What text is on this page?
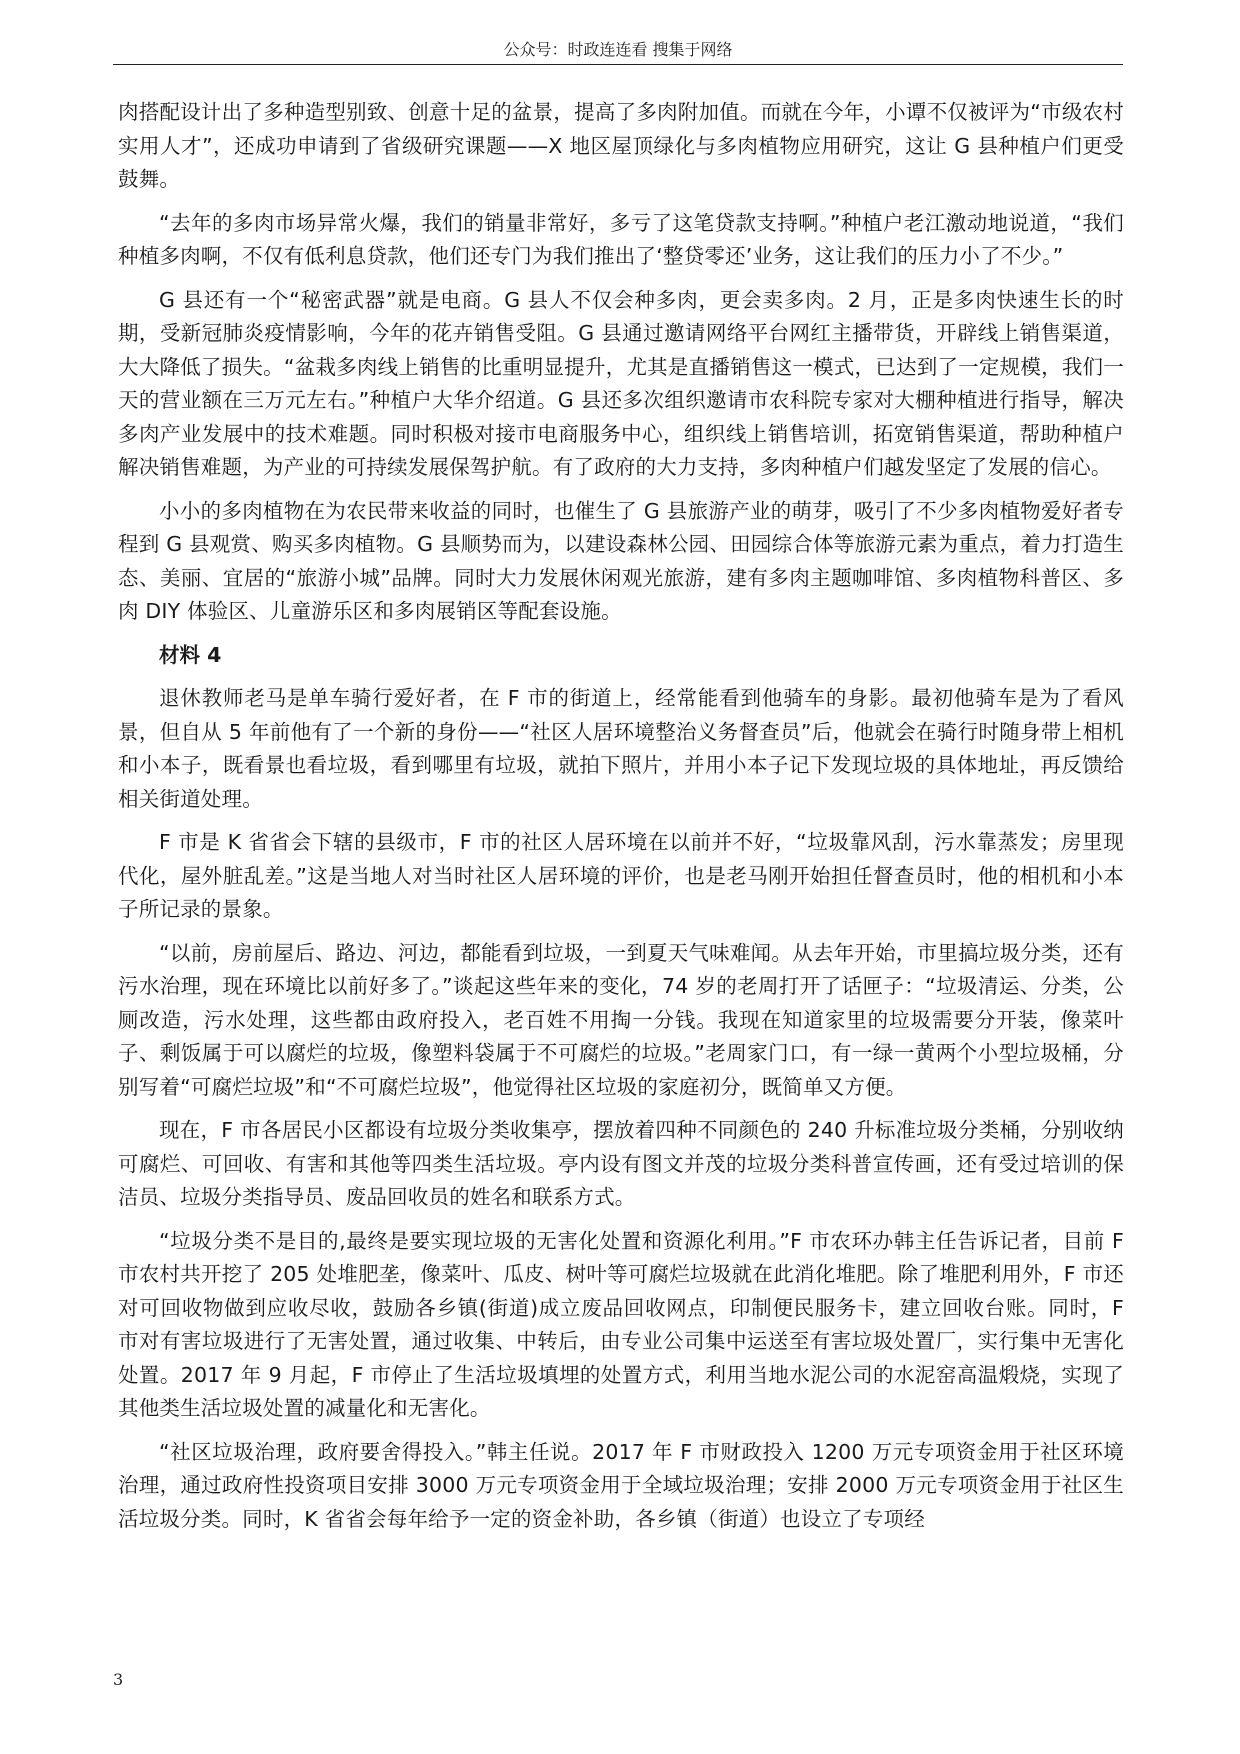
公众号：时政连连看 搜集于网络

肉搭配设计出了多种造型别致、创意十足的盆景，提高了多肉附加值。而就在今年，小谭不仅被评为“市级农村实用人才”，还成功申请到了省级研究课题——X 地区屋顶绿化与多肉植物应用研究，这让 G 县种植户们更受鼓舞。

“去年的多肉市场异常火爆，我们的销量非常好，多亏了这笔贷款支持啊。”种植户老江激动地说道，“我们种植多肉啊，不仅有低利息贷款，他们还专门为我们推出了‘整贷零还’业务，这让我们的压力小了不少。”

G 县还有一个“秘密武器”就是电商。G 县人不仅会种多肉，更会卖多肉。2 月，正是多肉快速生长的时期，受新冠肺炎疫情影响，今年的花卉销售受阻。G 县通过邀请网络平台网红主播带货，开辟线上销售渠道，大大降低了损失。“盆栽多肉线上销售的比重明显提升，尤其是直播销售这一模式，已达到了一定规模，我们一天的营业额在三万元左右。”种植户大华介绍道。G 县还多次组织邀请市农科院专家对大棚种植进行指导，解决多肉产业发展中的技术难题。同时积极对接市电商服务中心，组织线上销售培训，拓宽销售渠道，帮助种植户解决销售难题，为产业的可持续发展保驾护航。有了政府的大力支持，多肉种植户们越发坚定了发展的信心。

小小的多肉植物在为农民带来收益的同时，也催生了 G 县旅游产业的萌芽，吸引了不少多肉植物爱好者专程到 G 县观赏、购买多肉植物。G 县顺势而为，以建设森林公园、田园综合体等旅游元素为重点，着力打造生态、美丽、宜居的“旅游小城”品牌。同时大力发展休闲观光旅游，建有多肉主题咖啡馆、多肉植物科普区、多肉 DIY 体验区、儿童游乐区和多肉展销区等配套设施。

材料 4

退休教师老马是单车骑行爱好者，在 F 市的街道上，经常能看到他骑车的身影。最初他骑车是为了看风景，但自从 5 年前他有了一个新的身份——“社区人居环境整治义务督查员”后，他就会在骑行时随身带上相机和小本子，既看景也看垃圾，看到哪里有垃圾，就拍下照片，并用小本子记下发现垃圾的具体地址，再反馈给相关街道处理。

F 市是 K 省省会下辖的县级市，F 市的社区人居环境在以前并不好，“垃圾靠风刮，污水靠蒸发；房里现代化，屋外脏乱差。”这是当地人对当时社区人居环境的评价，也是老马刚开始担任督查员时，他的相机和小本子所记录的景象。

“以前，房前屋后、路边、河边，都能看到垃圾，一到夏天气味难闻。从去年开始，市里搞垃圾分类，还有污水治理，现在环境比以前好多了。”谈起这些年来的变化，74 岁的老周打开了话匣子：“垃圾清运、分类，公厕改造，污水处理，这些都由政府投入，老百姓不用掏一分钱。我现在知道家里的垃圾需要分开装，像菜叶子、剩饭属于可以腐烂的垃圾，像塑料袋属于不可腐烂的垃圾。”老周家门口，有一绿一黄两个小型垃圾桶，分别写着“可腐烂垃圾”和“不可腐烂垃圾”，他觉得社区垃圾的家庭初分，既简单又方便。

现在，F 市各居民小区都设有垃圾分类收集亭，摆放着四种不同颜色的 240 升标准垃圾分类桶，分别收纳可腐烂、可回收、有害和其他等四类生活垃圾。亭内设有图文并茂的垃圾分类科普宣传画，还有受过培训的保洁员、垃圾分类指导员、废品回收员的姓名和联系方式。

“垃圾分类不是目的,最终是要实现垃圾的无害化处置和资源化利用。”F 市农环办韩主任告诉记者，目前 F 市农村共开挖了 205 处堆肥垄，像菜叶、瓜皮、树叶等可腐烂垃圾就在此消化堆肥。除了堆肥利用外，F 市还对可回收物做到应收尽收，鼓励各乡镇(街道)成立废品回收网点，印制便民服务卡，建立回收台账。同时，F 市对有害垃圾进行了无害处置，通过收集、中转后，由专业公司集中运送至有害垃圾处置厂，实行集中无害化处置。2017 年 9 月起，F 市停止了生活垃圾填埋的处置方式，利用当地水泥公司的水泥窑高温煅烧，实现了其他类生活垃圾处置的减量化和无害化。

“社区垃圾治理，政府要舍得投入。”韩主任说。2017 年 F 市财政投入 1200 万元专项资金用于社区环境治理，通过政府性投资项目安排 3000 万元专项资金用于全域垃圾治理；安排 2000 万元专项资金用于社区生活垃圾分类。同时，K 省省会每年给予一定的资金补助，各乡镇（街道）也设立了专项经

3
